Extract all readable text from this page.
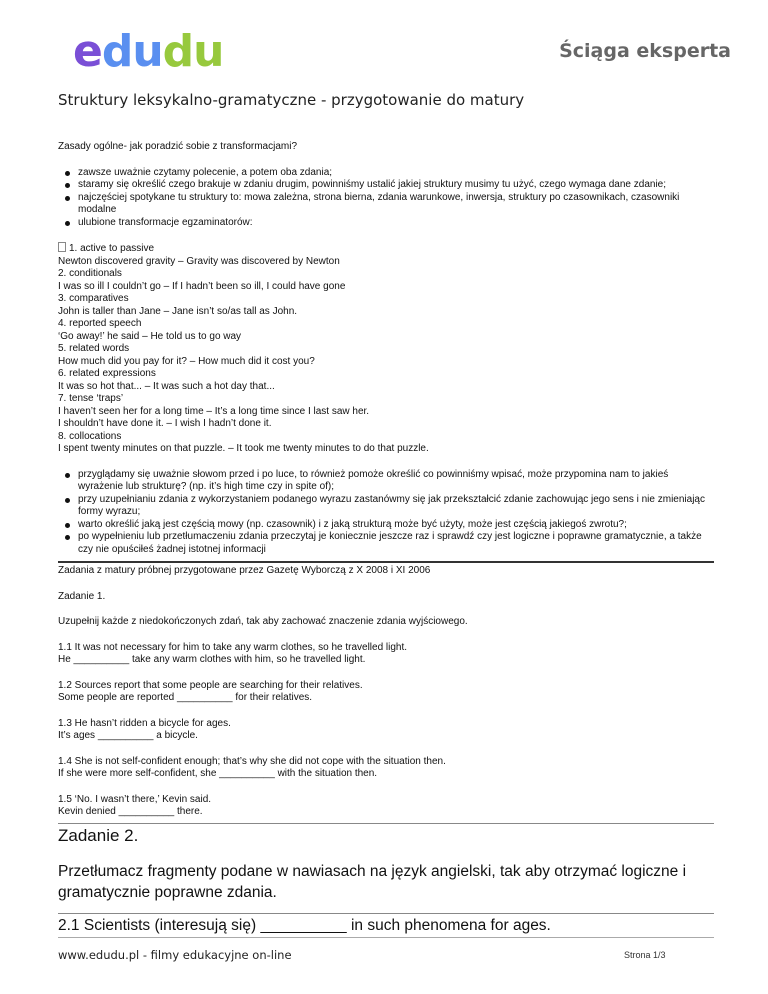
edudu	Ściąga eksperta
Struktury leksykalno-gramatyczne - przygotowanie do matury

Zasady ogólne- jak poradzić sobie z transformacjami?

zawsze uważnie czytamy polecenie, a potem oba zdania;
staramy się określić czego brakuje w zdaniu drugim, powinniśmy ustalić jakiej struktury musimy tu użyć, czego wymaga dane zdanie;
najczęściej spotykane tu struktury to: mowa zależna, strona bierna, zdania warunkowe, inwersja, struktury po czasownikach, czasowniki modalne
ulubione transformacje egzaminatorów:

1. active to passive

Newton discovered gravity – Gravity was discovered by Newton

2. conditionals

I was so ill I couldn’t go – If I hadn’t been so ill, I could have gone

3. comparatives

John is taller than Jane – Jane isn’t so/as tall as John.

4. reported speech

‘Go away!’ he said – He told us to go way

5. related words

How much did you pay for it? – How much did it cost you?

6. related expressions

It was so hot that... – It was such a hot day that...

7. tense ‘traps’

I haven’t seen her for a long time – It’s a long time since I last saw her.

I shouldn’t have done it. – I wish I hadn’t done it.

8. collocations

I spent twenty minutes on that puzzle. – It took me twenty minutes to do that puzzle.

przyglądamy się uważnie słowom przed i po luce, to również pomoże określić co powinniśmy wpisać, może przypomina nam to jakieś wyrażenie lub strukturę? (np. it’s high time czy in spite of);
przy uzupełnianiu zdania z wykorzystaniem podanego wyrazu zastanówmy się jak przekształcić zdanie zachowując jego sens i nie zmieniając formy wyrazu;
warto określić jaką jest częścią mowy (np. czasownik) i z jaką strukturą może być użyty, może jest częścią jakiegoś zwrotu?;
po wypełnieniu lub przetłumaczeniu zdania przeczytaj je koniecznie jeszcze raz i sprawdź czy jest logiczne i poprawne gramatycznie, a także czy nie opuściłeś żadnej istotnej informacji

Zadania z matury próbnej przygotowane przez Gazetę Wyborczą z X 2008 i XI 2006

Zadanie 1.

Uzupełnij każde z niedokończonych zdań, tak aby zachować znaczenie zdania wyjściowego.

1.1 It was not necessary for him to take any warm clothes, so he travelled light.

He __________ take any warm clothes with him, so he travelled light.

1.2 Sources report that some people are searching for their relatives.

Some people are reported __________ for their relatives.

1.3 He hasn’t ridden a bicycle for ages.

It’s ages __________ a bicycle.

1.4 She is not self-confident enough; that’s why she did not cope with the situation then.

If she were more self-confident, she __________ with the situation then.

1.5 ‘No. I wasn’t there,’ Kevin said.

Kevin denied __________ there.

Zadanie 2.

Przetłumacz fragmenty podane w nawiasach na język angielski, tak aby otrzymać logiczne i gramatycznie poprawne zdania.

2.1 Scientists (interesują się) __________ in such phenomena for ages.

www.edudu.pl - filmy edukacyjne on-line	Strona 1/3
